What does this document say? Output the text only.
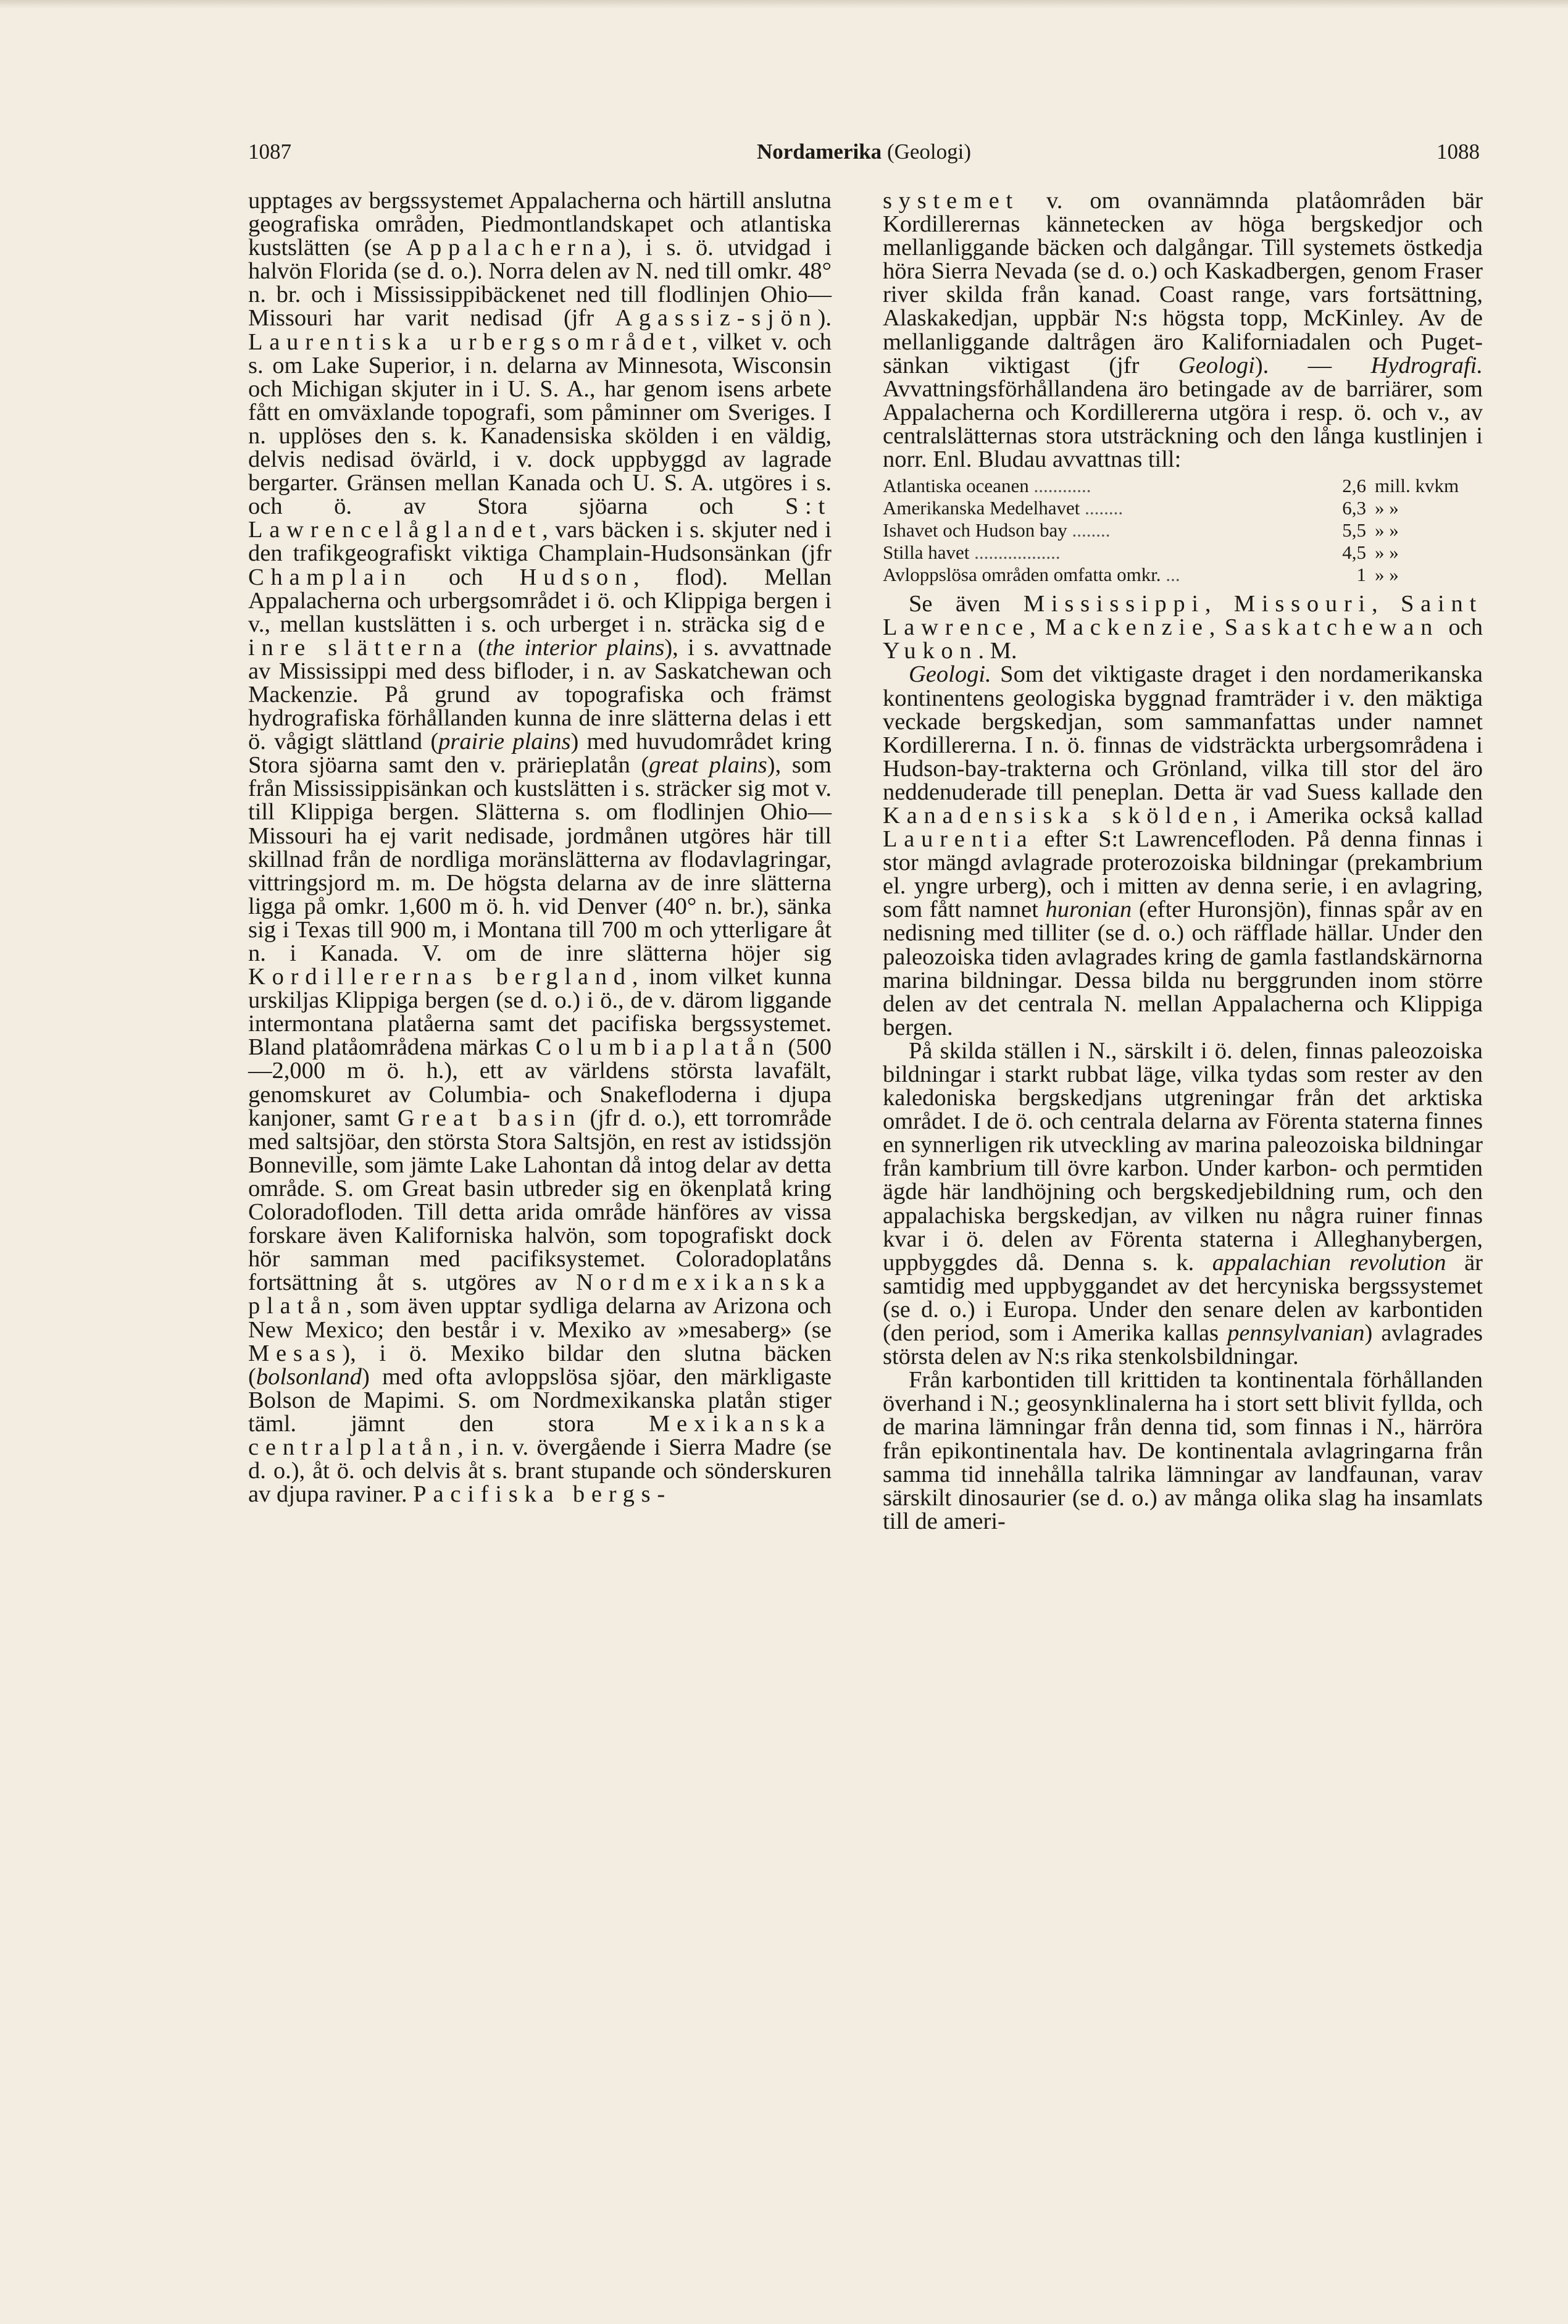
1087	Nordamerika (Geologi)	1088

upptages av bergssystemet Appalacherna och härtill anslutna geografiska områden, Piedmontlandskapet och atlantiska kustslätten (se Appalacherna), i s. ö. utvidgad i halvön Florida (se d. o.). Norra delen av N. ned till omkr. 48° n. br. och i Mississippibäckenet ned till flodlinjen Ohio—Missouri har varit nedisad (jfr Agassiz-sjön). Laurentiska urbergsområdet, vilket v. och s. om Lake Superior, i n. delarna av Minnesota, Wisconsin och Michigan skjuter in i U. S. A., har genom isens arbete fått en omväxlande topografi, som påminner om Sveriges. I n. upplöses den s. k. Kanadensiska skölden i en väldig, delvis nedisad övärld, i v. dock uppbyggd av lagrade bergarter. Gränsen mellan Kanada och U. S. A. utgöres i s. och ö. av Stora sjöarna och S:t Lawrencelåglandet, vars bäcken i s. skjuter ned i den trafikgeografiskt viktiga Champlain-Hudsonsänkan (jfr Champlain och Hudson, flod). Mellan Appalacherna och urbergsområdet i ö. och Klippiga bergen i v., mellan kustslätten i s. och urberget i n. sträcka sig de inre slätterna (the interior plains), i s. avvattnade av Mississippi med dess bifloder, i n. av Saskatchewan och Mackenzie. På grund av topografiska och främst hydrografiska förhållanden kunna de inre slätterna delas i ett ö. vågigt slättland (prairie plains) med huvudområdet kring Stora sjöarna samt den v. prärieplatån (great plains), som från Mississippisänkan och kustslätten i s. sträcker sig mot v. till Klippiga bergen. Slätterna s. om flodlinjen Ohio—Missouri ha ej varit nedisade, jordmånen utgöres här till skillnad från de nordliga moränslätterna av flodavlagringar, vittringsjord m. m. De högsta delarna av de inre slätterna ligga på omkr. 1,600 m ö. h. vid Denver (40° n. br.), sänka sig i Texas till 900 m, i Montana till 700 m och ytterligare åt n. i Kanada. V. om de inre slätterna höjer sig Kordillerernas bergland, inom vilket kunna urskiljas Klippiga bergen (se d. o.) i ö., de v. därom liggande intermontana platåerna samt det pacifiska bergssystemet. Bland platåområdena märkas Columbiaplatån (500—2,000 m ö. h.), ett av världens största lavafält, genomskuret av Columbia- och Snakefloderna i djupa kanjoner, samt Great basin (jfr d. o.), ett torrområde med saltsjöar, den största Stora Saltsjön, en rest av istidssjön Bonneville, som jämte Lake Lahontan då intog delar av detta område. S. om Great basin utbreder sig en ökenplatå kring Coloradofloden. Till detta arida område hänföres av vissa forskare även Kaliforniska halvön, som topografiskt dock hör samman med pacifiksystemet. Coloradoplatåns fortsättning åt s. utgöres av Nordmexikanska platån, som även upptar sydliga delarna av Arizona och New Mexico; den består i v. Mexiko av »mesaberg» (se Mesas), i ö. Mexiko bildar den slutna bäcken (bolsonland) med ofta avloppslösa sjöar, den märkligaste Bolson de Mapimi. S. om Nordmexikanska platån stiger täml. jämnt den stora Mexikanska centralplatån, i n. v. övergående i Sierra Madre (se d. o.), åt ö. och delvis åt s. brant stupande och sönderskuren av djupa raviner. Pacifiska bergs-

systemet v. om ovannämnda platåområden bär Kordillerernas kännetecken av höga bergskedjor och mellanliggande bäcken och dalgångar. Till systemets östkedja höra Sierra Nevada (se d. o.) och Kaskadbergen, genom Fraser river skilda från kanad. Coast range, vars fortsättning, Alaskakedjan, uppbär N:s högsta topp, McKinley. Av de mellanliggande daltrågen äro Kaliforniadalen och Puget-sänkan viktigast (jfr Geologi). — Hydrografi. Avvattningsförhållandena äro betingade av de barriärer, som Appalacherna och Kordillererna utgöra i resp. ö. och v., av centralslätternas stora utsträckning och den långa kustlinjen i norr. Enl. Bludau avvattnas till:

Atlantiska oceanen ............	2,6	mill. kvkm
Amerikanska Medelhavet ........	6,3	» »
Ishavet och Hudson bay ........	5,5	» »
Stilla havet ..................	4,5	» »
Avloppslösa områden omfatta omkr. ...	1	» »

Se även Mississippi, Missouri, Saint Lawrence, Mackenzie, Saskatchewan och Yukon. M.

Geologi. Som det viktigaste draget i den nordamerikanska kontinentens geologiska byggnad framträder i v. den mäktiga veckade bergskedjan, som sammanfattas under namnet Kordillererna. I n. ö. finnas de vidsträckta urbergsområdena i Hudson-bay-trakterna och Grönland, vilka till stor del äro neddenuderade till peneplan. Detta är vad Suess kallade den Kanadensiska skölden, i Amerika också kallad Laurentia efter S:t Lawrencefloden. På denna finnas i stor mängd avlagrade proterozoiska bildningar (prekambrium el. yngre urberg), och i mitten av denna serie, i en avlagring, som fått namnet huronian (efter Huronsjön), finnas spår av en nedisning med tilliter (se d. o.) och räfflade hällar. Under den paleozoiska tiden avlagrades kring de gamla fastlandskärnorna marina bildningar. Dessa bilda nu berggrunden inom större delen av det centrala N. mellan Appalacherna och Klippiga bergen.

På skilda ställen i N., särskilt i ö. delen, finnas paleozoiska bildningar i starkt rubbat läge, vilka tydas som rester av den kaledoniska bergskedjans utgreningar från det arktiska området. I de ö. och centrala delarna av Förenta staterna finnes en synnerligen rik utveckling av marina paleozoiska bildningar från kambrium till övre karbon. Under karbon- och permtiden ägde här landhöjning och bergskedjebildning rum, och den appalachiska bergskedjan, av vilken nu några ruiner finnas kvar i ö. delen av Förenta staterna i Alleghanybergen, uppbyggdes då. Denna s. k. appalachian revolution är samtidig med uppbyggandet av det hercyniska bergssystemet (se d. o.) i Europa. Under den senare delen av karbontiden (den period, som i Amerika kallas pennsylvanian) avlagrades största delen av N:s rika stenkolsbildningar.

Från karbontiden till krittiden ta kontinentala förhållanden överhand i N.; geosynklinalerna ha i stort sett blivit fyllda, och de marina lämningar från denna tid, som finnas i N., härröra från epikontinentala hav. De kontinentala avlagringarna från samma tid innehålla talrika lämningar av landfaunan, varav särskilt dinosaurier (se d. o.) av många olika slag ha insamlats till de ameri-
